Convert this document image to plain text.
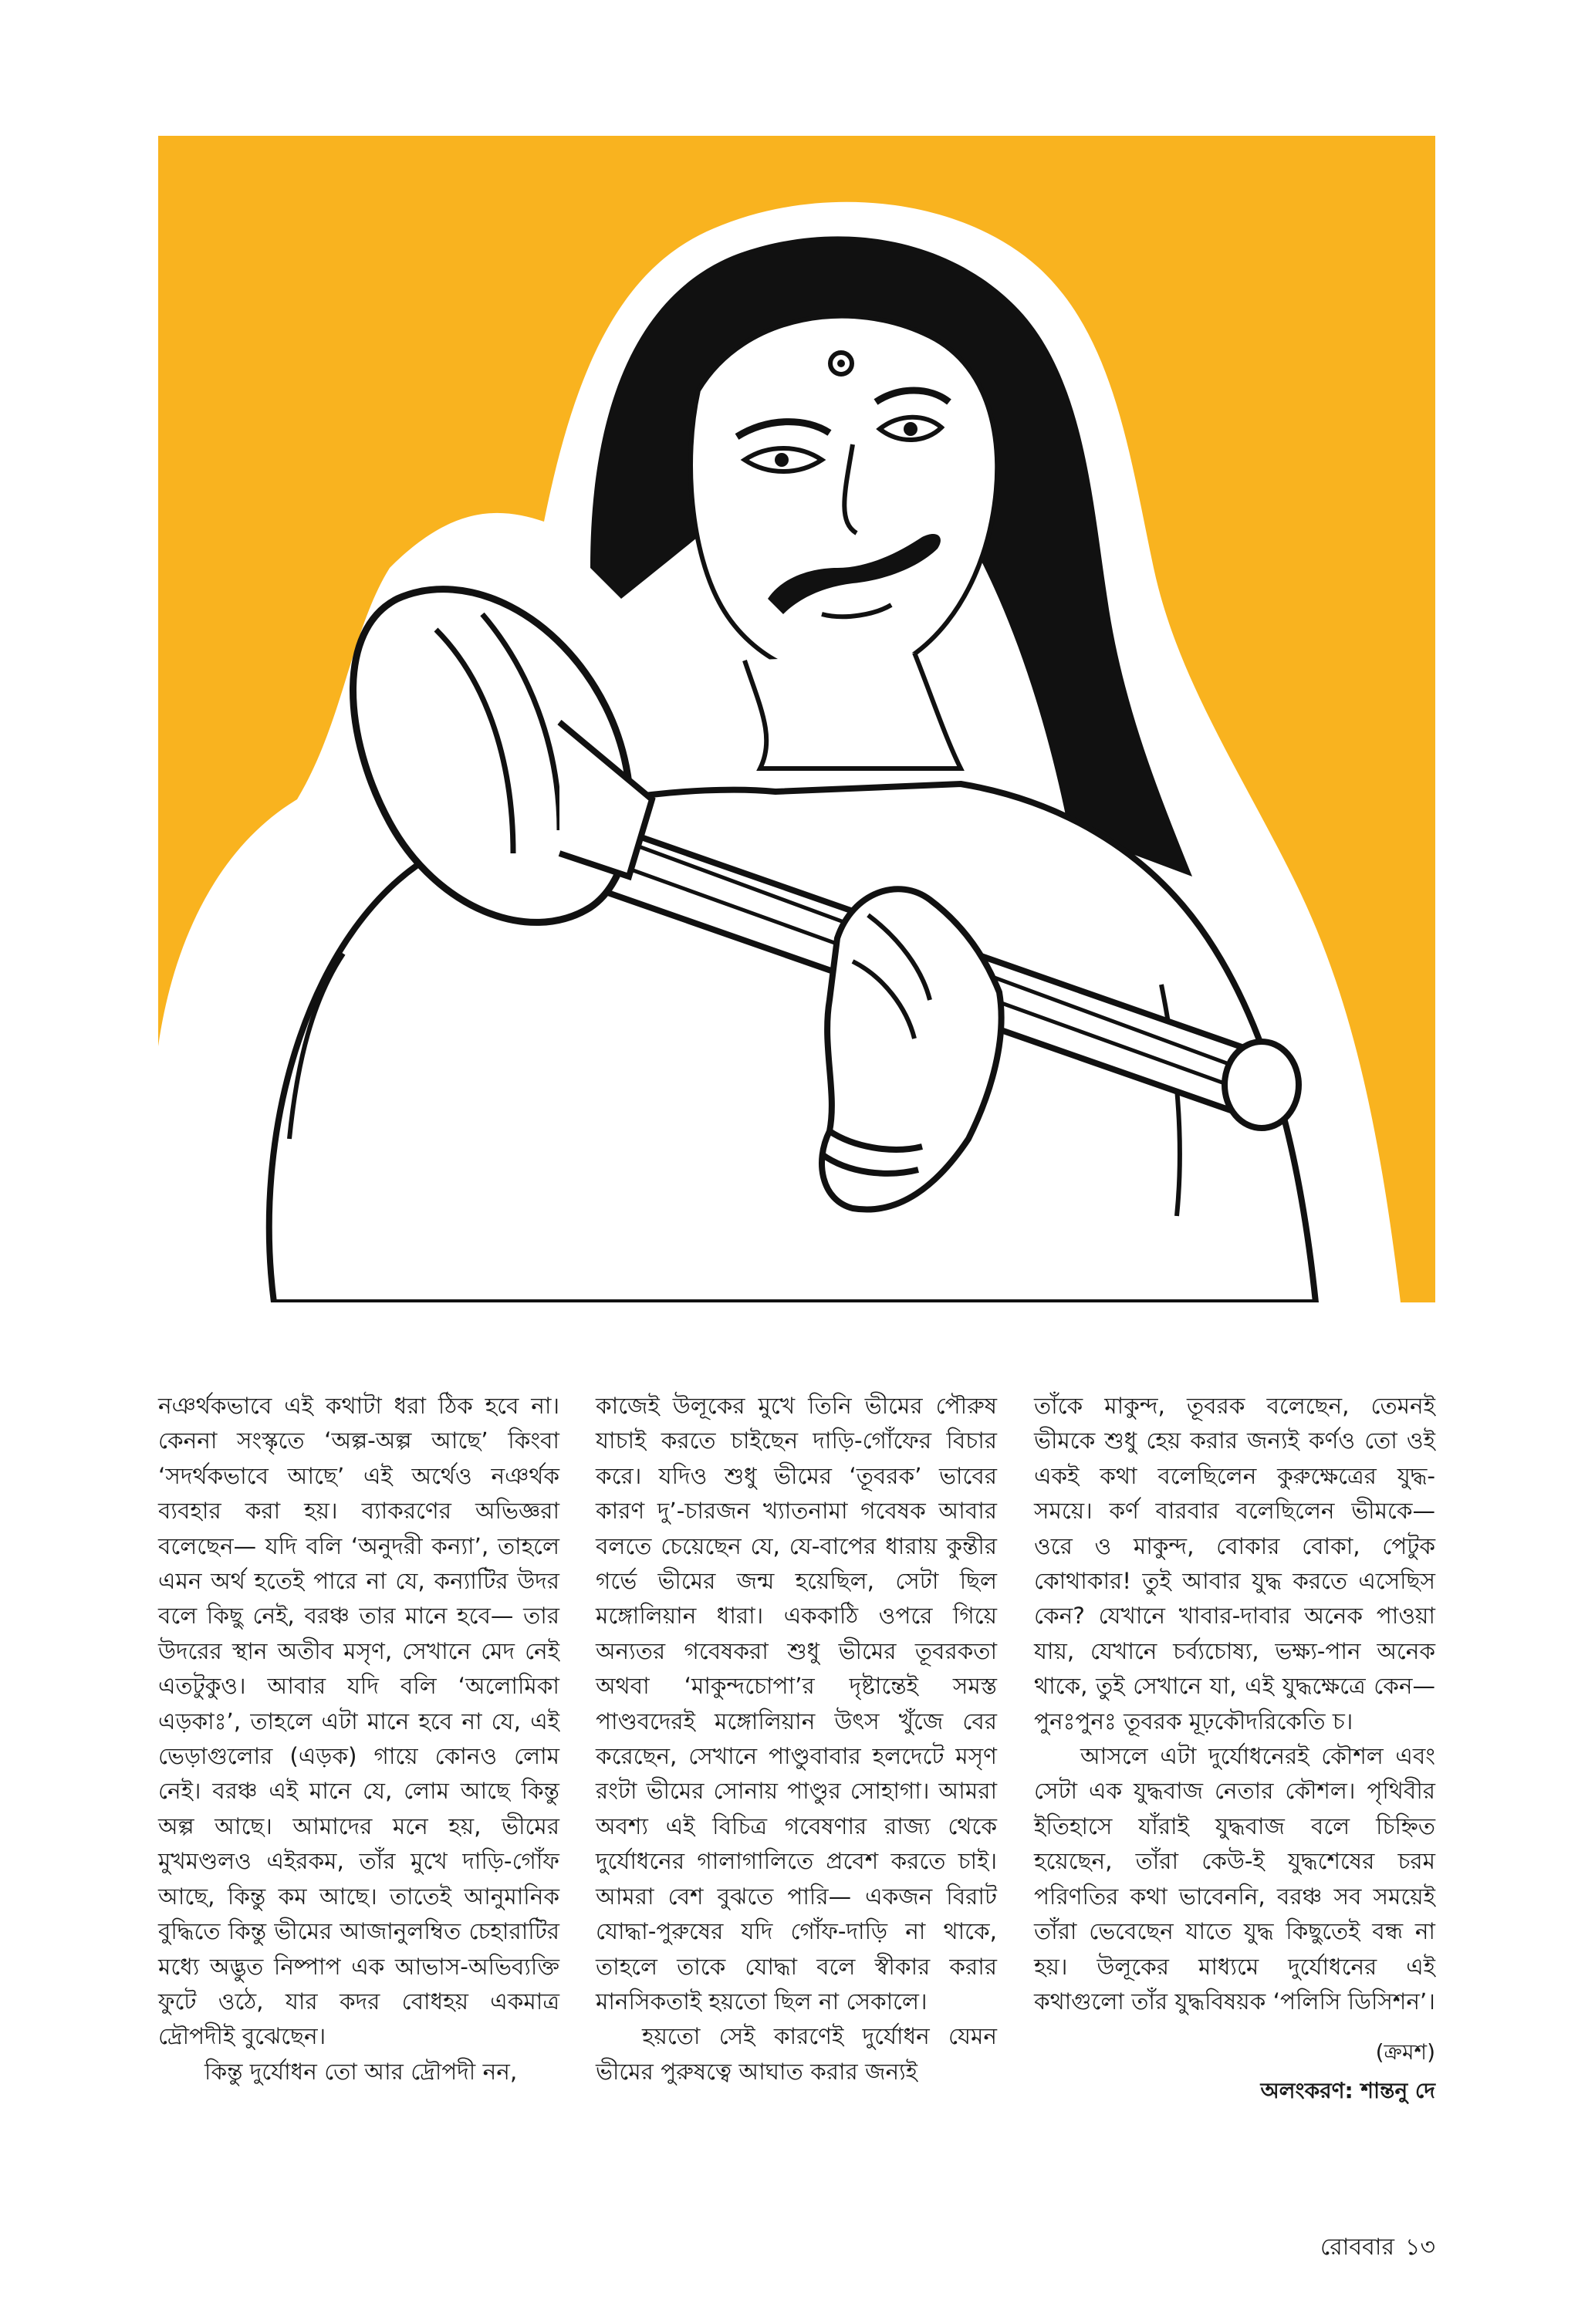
নঞর্থকভাবে এই কথাটা ধরা ঠিক হবে না। কেননা সংস্কৃতে ‘অল্প-অল্প আছে’ কিংবা ‘সদর্থকভাবে আছে’ এই অর্থেও নঞর্থক ব্যবহার করা হয়। ব্যাকরণের অভিজ্ঞরা বলেছেন— যদি বলি ‘অনুদরী কন্যা’, তাহলে এমন অর্থ হতেই পারে না যে, কন্যাটির উদর বলে কিছু নেই, বরঞ্চ তার মানে হবে— তার উদরের স্থান অতীব মসৃণ, সেখানে মেদ নেই এতটুকুও। আবার যদি বলি ‘অলোমিকা এড়কাঃ’, তাহলে এটা মানে হবে না যে, এই ভেড়াগুলোর (এড়ক) গায়ে কোনও লোম নেই। বরঞ্চ এই মানে যে, লোম আছে কিন্তু অল্প আছে। আমাদের মনে হয়, ভীমের মুখমণ্ডলও এইরকম, তাঁর মুখে দাড়ি-গোঁফ আছে, কিন্তু কম আছে। তাতেই আনুমানিক বুদ্ধিতে কিন্তু ভীমের আজানুলম্বিত চেহারাটির মধ্যে অদ্ভুত নিষ্পাপ এক আভাস-অভিব্যক্তি ফুটে ওঠে, যার কদর বোধহয় একমাত্র দ্রৌপদীই বুঝেছেন।

কিন্তু দুর্যোধন তো আর দ্রৌপদী নন,

কাজেই উলূকের মুখে তিনি ভীমের পৌরুষ যাচাই করতে চাইছেন দাড়ি-গোঁফের বিচার করে। যদিও শুধু ভীমের ‘তূবরক’ ভাবের কারণ দু’-চারজন খ্যাতনামা গবেষক আবার বলতে চেয়েছেন যে, যে-বাপের ধারায় কুন্তীর গর্ভে ভীমের জন্ম হয়েছিল, সেটা ছিল মঙ্গোলিয়ান ধারা। এককাঠি ওপরে গিয়ে অন্যতর গবেষকরা শুধু ভীমের তূবরকতা অথবা ‘মাকুন্দচোপা’র দৃষ্টান্তেই সমস্ত পাণ্ডবদেরই মঙ্গোলিয়ান উৎস খুঁজে বের করেছেন, সেখানে পাণ্ডুবাবার হলদেটে মসৃণ রংটা ভীমের সোনায় পাণ্ডুর সোহাগা। আমরা অবশ্য এই বিচিত্র গবেষণার রাজ্য থেকে দুর্যোধনের গালাগালিতে প্রবেশ করতে চাই। আমরা বেশ বুঝতে পারি— একজন বিরাট যোদ্ধা-পুরুষের যদি গোঁফ-দাড়ি না থাকে, তাহলে তাকে যোদ্ধা বলে স্বীকার করার মানসিকতাই হয়তো ছিল না সেকালে।

হয়তো সেই কারণেই দুর্যোধন যেমন ভীমের পুরুষত্বে আঘাত করার জন্যই

তাঁকে মাকুন্দ, তূবরক বলেছেন, তেমনই ভীমকে শুধু হেয় করার জন্যই কর্ণও তো ওই একই কথা বলেছিলেন কুরুক্ষেত্রের যুদ্ধ-সময়ে। কর্ণ বারবার বলেছিলেন ভীমকে— ওরে ও মাকুন্দ, বোকার বোকা, পেটুক কোথাকার! তুই আবার যুদ্ধ করতে এসেছিস কেন? যেখানে খাবার-দাবার অনেক পাওয়া যায়, যেখানে চর্ব্যচোষ্য, ভক্ষ্য-পান অনেক থাকে, তুই সেখানে যা, এই যুদ্ধক্ষেত্রে কেন— পুনঃপুনঃ তূবরক মূঢ়কৌদরিকেতি চ।

আসলে এটা দুর্যোধনেরই কৌশল এবং সেটা এক যুদ্ধবাজ নেতার কৌশল। পৃথিবীর ইতিহাসে যাঁরাই যুদ্ধবাজ বলে চিহ্নিত হয়েছেন, তাঁরা কেউ-ই যুদ্ধশেষের চরম পরিণতির কথা ভাবেননি, বরঞ্চ সব সময়েই তাঁরা ভেবেছেন যাতে যুদ্ধ কিছুতেই বন্ধ না হয়। উলূকের মাধ্যমে দুর্যোধনের এই কথাগুলো তাঁর যুদ্ধবিষয়ক ‘পলিসি ডিসিশন’।

(ক্রমশ)
অলংকরণ: শান্তনু দে
রোববার ১৩
